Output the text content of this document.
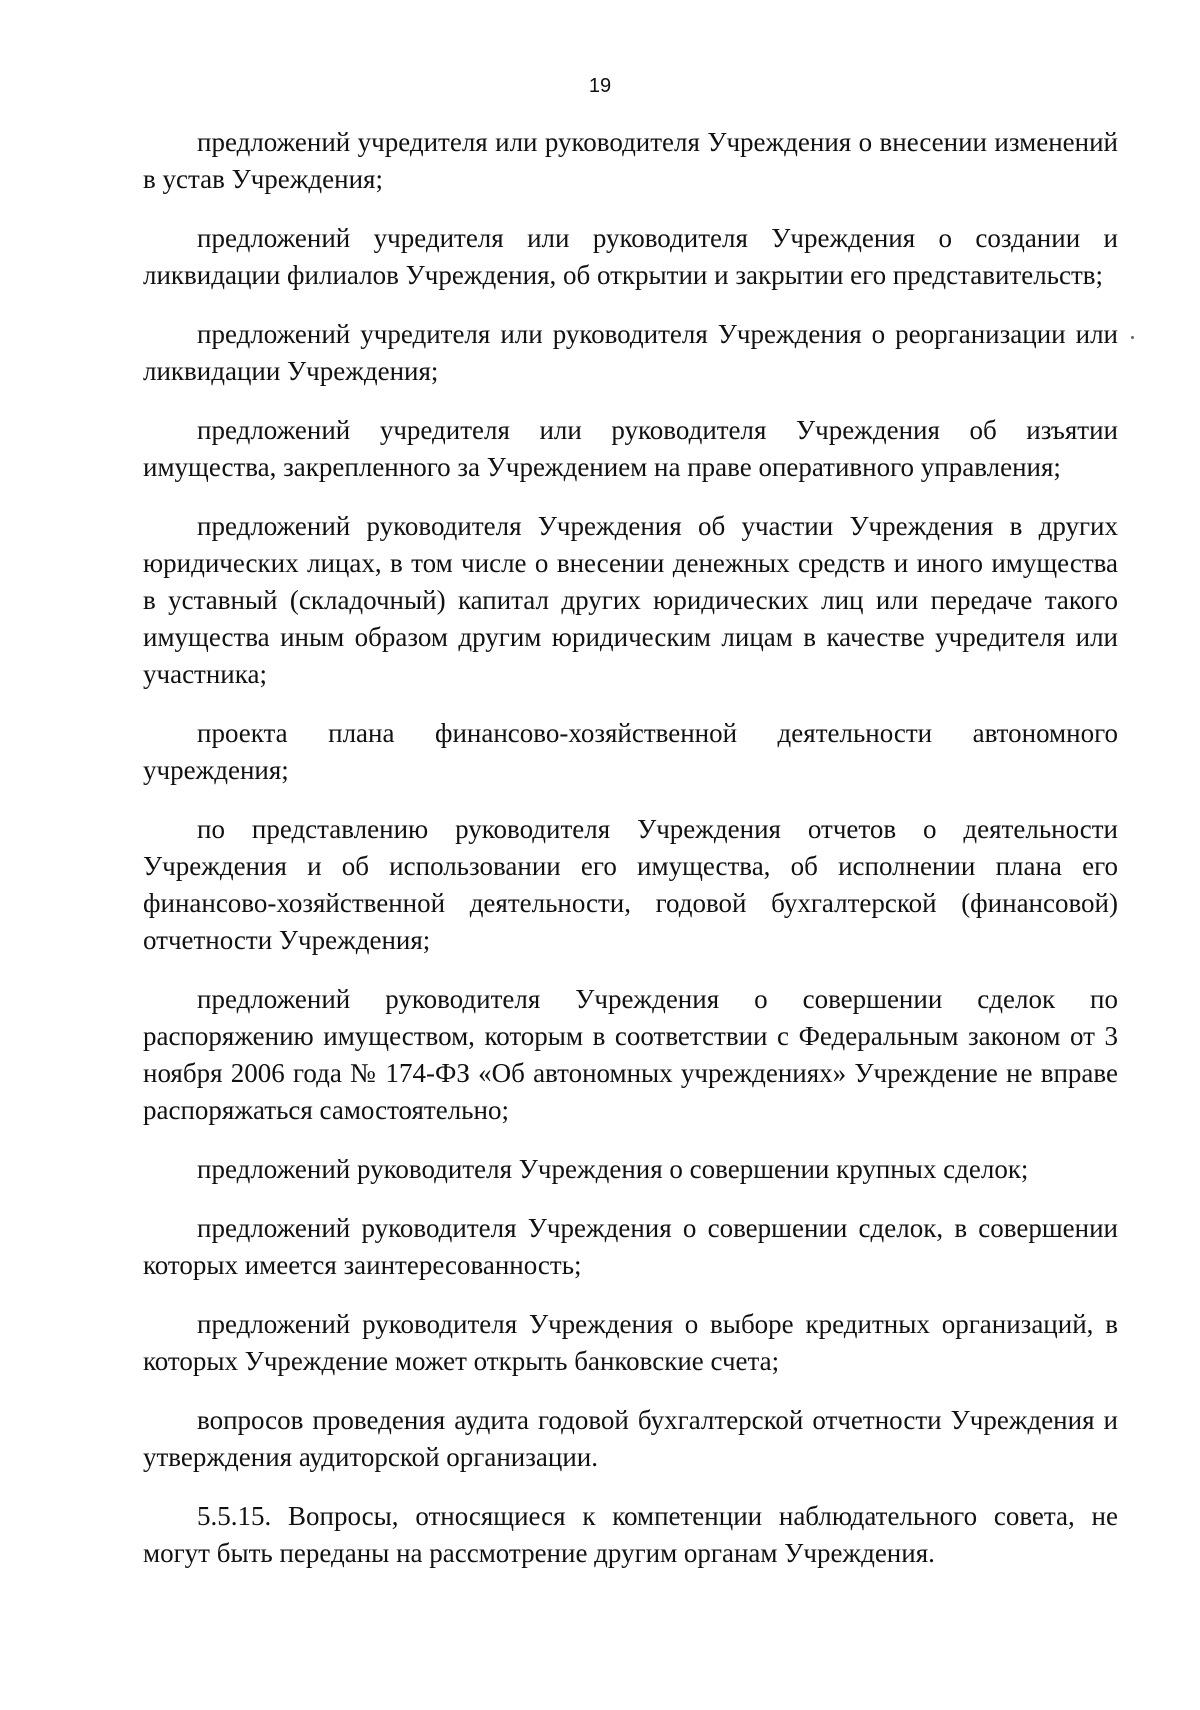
19

предложений учредителя или руководителя Учреждения о внесении изменений в устав Учреждения;

предложений учредителя или руководителя Учреждения о создании и ликвидации филиалов Учреждения, об открытии и закрытии его представительств;

предложений учредителя или руководителя Учреждения о реорганизации или ликвидации Учреждения;

предложений учредителя или руководителя Учреждения об изъятии имущества, закрепленного за Учреждением на праве оперативного управления;

предложений руководителя Учреждения об участии Учреждения в других юридических лицах, в том числе о внесении денежных средств и иного имущества в уставный (складочный) капитал других юридических лиц или передаче такого имущества иным образом другим юридическим лицам в качестве учредителя или участника;

проекта плана финансово-хозяйственной деятельности автономного учреждения;

по представлению руководителя Учреждения отчетов о деятельности Учреждения и об использовании его имущества, об исполнении плана его финансово-хозяйственной деятельности, годовой бухгалтерской (финансовой) отчетности Учреждения;

предложений руководителя Учреждения о совершении сделок по распоряжению имуществом, которым в соответствии с Федеральным законом от 3 ноября 2006 года № 174-ФЗ «Об автономных учреждениях» Учреждение не вправе распоряжаться самостоятельно;

предложений руководителя Учреждения о совершении крупных сделок;

предложений руководителя Учреждения о совершении сделок, в совершении которых имеется заинтересованность;

предложений руководителя Учреждения о выборе кредитных организаций, в которых Учреждение может открыть банковские счета;

вопросов проведения аудита годовой бухгалтерской отчетности Учреждения и утверждения аудиторской организации.

5.5.15. Вопросы, относящиеся к компетенции наблюдательного совета, не могут быть переданы на рассмотрение другим органам Учреждения.
